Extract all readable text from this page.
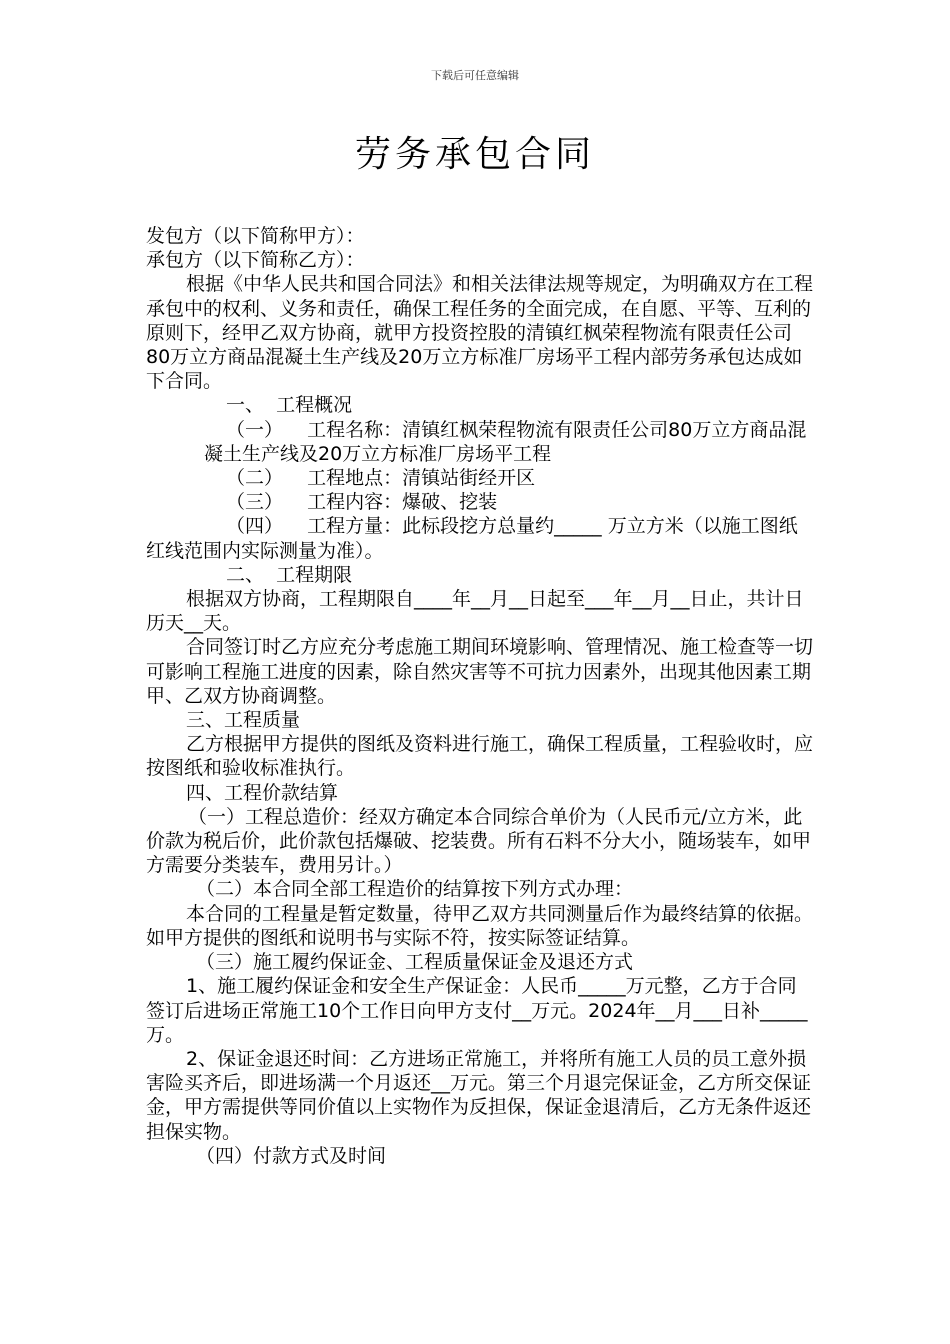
下载后可任意编辑
劳务承包合同

发包方（以下简称甲方）：

承包方（以下简称乙方）：

根据《中华人民共和国合同法》和相关法律法规等规定，为明确双方在工程承包中的权利、义务和责任，确保工程任务的全面完成，在自愿、平等、互利的原则下，经甲乙双方协商，就甲方投资控股的清镇红枫荣程物流有限责任公司80万立方商品混凝土生产线及20万立方标准厂房场平工程内部劳务承包达成如下合同。

一、  工程概况

（一）    工程名称：清镇红枫荣程物流有限责任公司80万立方商品混凝土生产线及20万立方标准厂房场平工程

（二）    工程地点：清镇站街经开区

（三）    工程内容：爆破、挖装

（四）    工程方量：此标段挖方总量约_____ 万立方米（以施工图纸红线范围内实际测量为准）。

二、  工程期限

根据双方协商，工程期限自____年__月__日起至___年__月__日止，共计日历天__天。

合同签订时乙方应充分考虑施工期间环境影响、管理情况、施工检查等一切可影响工程施工进度的因素，除自然灾害等不可抗力因素外，出现其他因素工期甲、乙双方协商调整。

三、工程质量

乙方根据甲方提供的图纸及资料进行施工，确保工程质量，工程验收时，应按图纸和验收标准执行。

四、工程价款结算

（一）工程总造价：经双方确定本合同综合单价为（人民币元/立方米，此价款为税后价，此价款包括爆破、挖装费。所有石料不分大小，随场装车，如甲方需要分类装车，费用另计。）

（二）本合同全部工程造价的结算按下列方式办理：

本合同的工程量是暂定数量，待甲乙双方共同测量后作为最终结算的依据。如甲方提供的图纸和说明书与实际不符，按实际签证结算。

（三）施工履约保证金、工程质量保证金及退还方式

1、施工履约保证金和安全生产保证金：人民币_____万元整，乙方于合同签订后进场正常施工10个工作日向甲方支付__万元。2024年__月___日补_____万。

2、保证金退还时间：乙方进场正常施工，并将所有施工人员的员工意外损害险买齐后，即进场满一个月返还__万元。第三个月退完保证金，乙方所交保证金，甲方需提供等同价值以上实物作为反担保，保证金退清后，乙方无条件返还担保实物。

（四）付款方式及时间
